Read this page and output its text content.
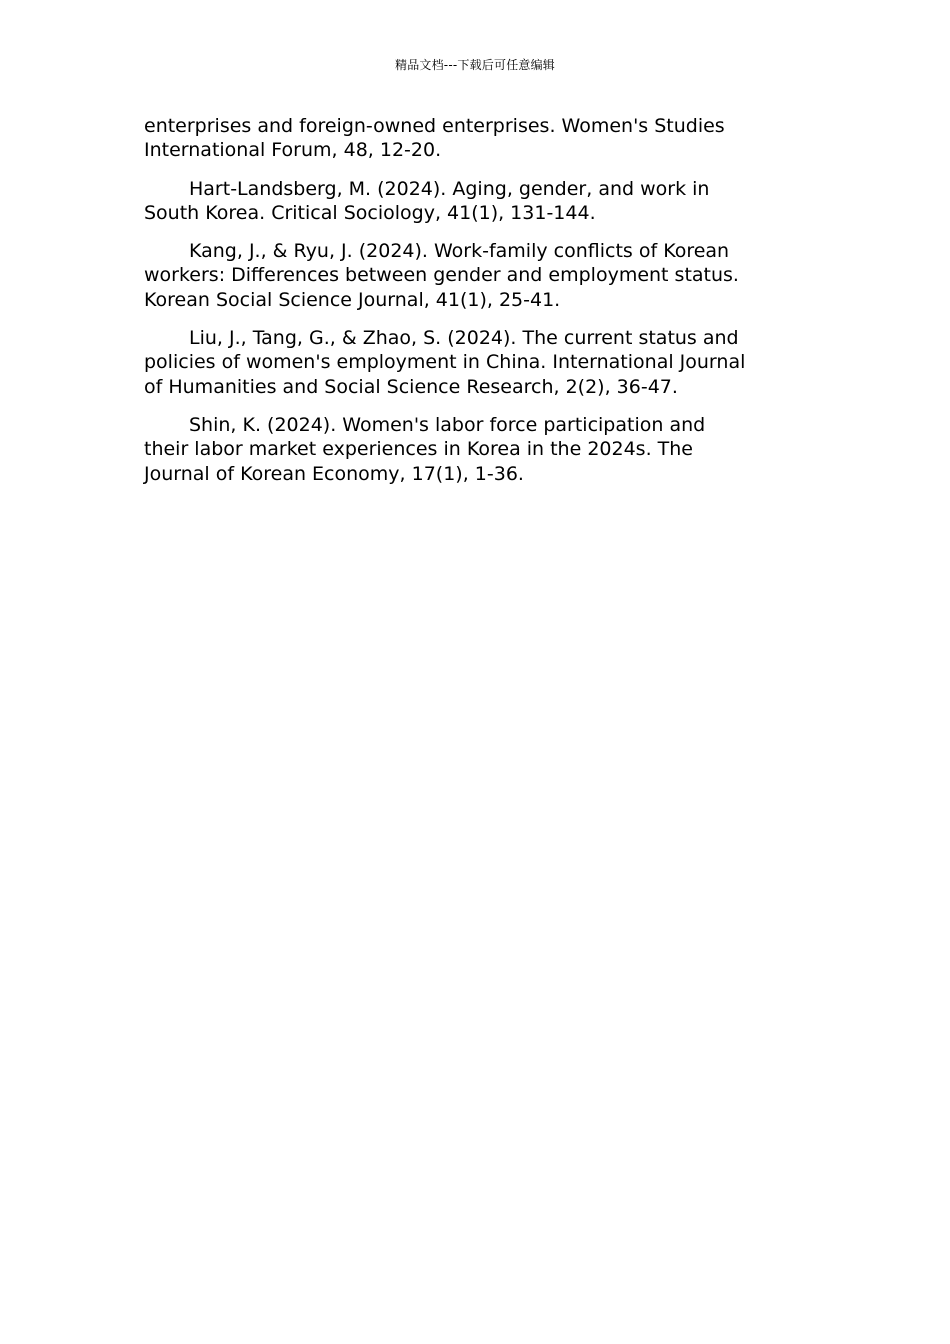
精品文档---下载后可任意编辑

enterprises and foreign-owned enterprises. Women's Studies
International Forum, 48, 12-20.

Hart-Landsberg, M. (2024). Aging, gender, and work in
South Korea. Critical Sociology, 41(1), 131-144.

Kang, J., & Ryu, J. (2024). Work-family conflicts of Korean
workers: Differences between gender and employment status.
Korean Social Science Journal, 41(1), 25-41.

Liu, J., Tang, G., & Zhao, S. (2024). The current status and
policies of women's employment in China. International Journal
of Humanities and Social Science Research, 2(2), 36-47.

Shin, K. (2024). Women's labor force participation and
their labor market experiences in Korea in the 2024s. The
Journal of Korean Economy, 17(1), 1-36.
